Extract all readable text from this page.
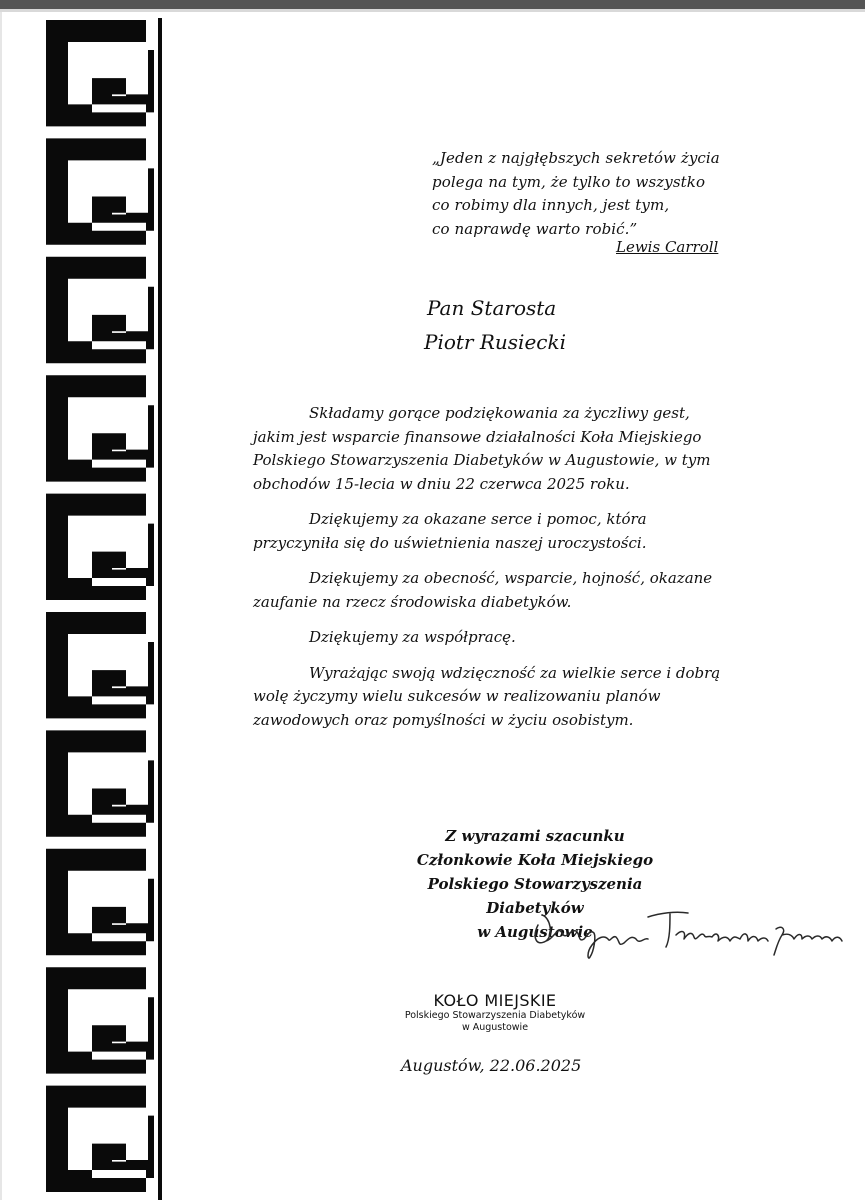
„Jeden z najgłębszych sekretów życia
polega na tym, że tylko to wszystko
co robimy dla innych, jest tym,
co naprawdę warto robić.”
Lewis Carroll
Pan Starosta
Piotr Rusiecki

Składamy gorące podziękowania za życzliwy gest, jakim jest wsparcie finansowe działalności Koła Miejskiego Polskiego Stowarzyszenia Diabetyków w Augustowie, w tym obchodów 15-lecia w dniu 22 czerwca 2025 roku.

Dziękujemy za okazane serce i pomoc, która przyczyniła się do uświetnienia naszej uroczystości.

Dziękujemy za obecność, wsparcie, hojność, okazane zaufanie na rzecz środowiska diabetyków.

Dziękujemy za współpracę.

Wyrażając swoją wdzięczność za wielkie serce i dobrą wolę życzymy wielu sukcesów w realizowaniu planów zawodowych oraz pomyślności w życiu osobistym.

Z wyrazami szacunku
Członkowie Koła Miejskiego
Polskiego Stowarzyszenia Diabetyków
w Augustowie
KOŁO MIEJSKIE
Polskiego Stowarzyszenia Diabetyków
w Augustowie
Augustów, 22.06.2025
